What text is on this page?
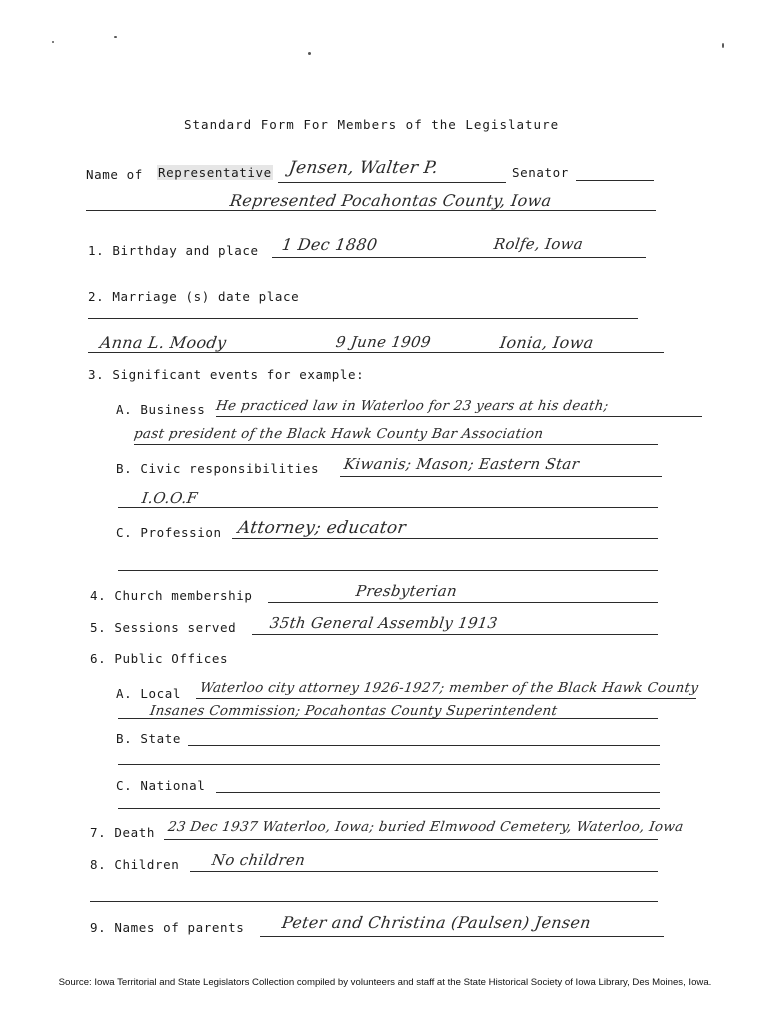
Standard Form For Members of the Legislature
Name of Representative Jensen, Walter P.	Senator
Represented Pocahontas County, Iowa
1. Birthday and place 1 Dec 1880	Rolfe, Iowa
2. Marriage (s) date place
Anna L. Moody	9 June 1909	Ionia, Iowa
3. Significant events for example:
A. Business He practiced law in Waterloo for 23 years at his death;
past president of the Black Hawk County Bar Association
B. Civic responsibilities Kiwanis; Mason; Eastern Star
I.O.O.F
C. Profession Attorney; educator
4. Church membership	Presbyterian
5. Sessions served 35th General Assembly 1913
6. Public Offices
A. Local Waterloo city attorney 1926-1927; member of the Black Hawk County
Insanes Commission; Pocahontas County Superintendent
B. State
C. National
7. Death 23 Dec 1937 Waterloo, Iowa; buried Elmwood Cemetery, Waterloo, Iowa
8. Children No children
9. Names of parents Peter and Christina (Paulsen) Jensen
Source: Iowa Territorial and State Legislators Collection compiled by volunteers and staff at the State Historical Society of Iowa Library, Des Moines, Iowa.
